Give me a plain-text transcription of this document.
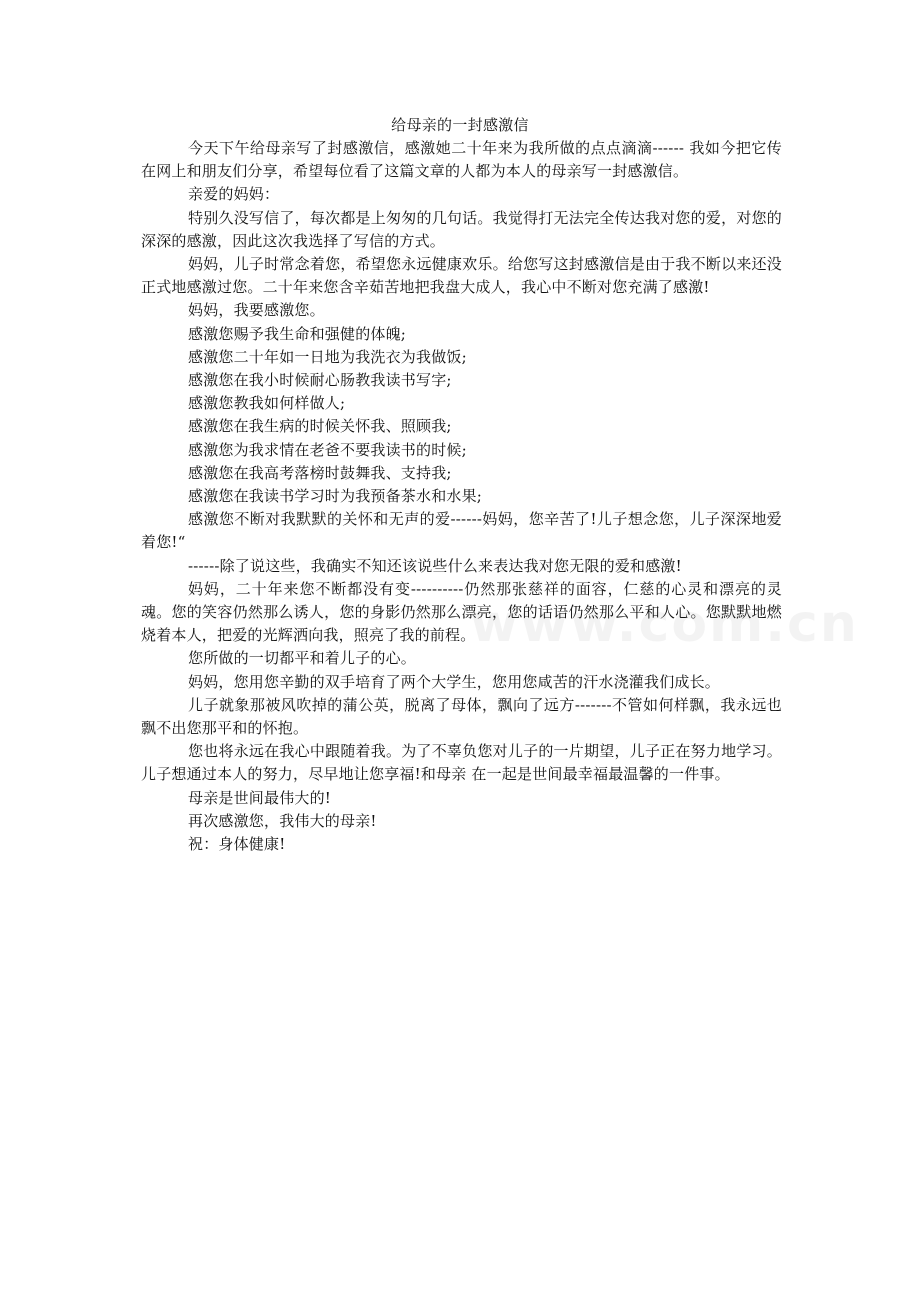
给母亲的一封感激信

今天下午给母亲写了封感激信，感激她二十年来为我所做的点点滴滴------ 我如今把它传在网上和朋友们分享，希望每位看了这篇文章的人都为本人的母亲写一封感激信。

亲爱的妈妈：

特别久没写信了，每次都是上匆匆的几句话。我觉得打无法完全传达我对您的爱，对您的深深的感激，因此这次我选择了写信的方式。

妈妈，儿子时常念着您，希望您永远健康欢乐。给您写这封感激信是由于我不断以来还没正式地感激过您。二十年来您含辛茹苦地把我盘大成人，我心中不断对您充满了感激!

妈妈，我要感激您。

感激您赐予我生命和强健的体魄;

感激您二十年如一日地为我洗衣为我做饭;

感激您在我小时候耐心肠教我读书写字;

感激您教我如何样做人;

感激您在我生病的时候关怀我、照顾我;

感激您为我求情在老爸不要我读书的时候;

感激您在我高考落榜时鼓舞我、支持我;

感激您在我读书学习时为我预备茶水和水果;

感激您不断对我默默的关怀和无声的爱------妈妈，您辛苦了!儿子想念您，儿子深深地爱着您!“

------除了说这些，我确实不知还该说些什么来表达我对您无限的爱和感激!

妈妈，二十年来您不断都没有变----------仍然那张慈祥的面容，仁慈的心灵和漂亮的灵魂。您的笑容仍然那么诱人，您的身影仍然那么漂亮，您的话语仍然那么平和人心。您默默地燃烧着本人，把爱的光辉洒向我，照亮了我的前程。

您所做的一切都平和着儿子的心。

妈妈，您用您辛勤的双手培育了两个大学生，您用您咸苦的汗水浇灌我们成长。

儿子就象那被风吹掉的蒲公英，脱离了母体，飘向了远方-------不管如何样飘，我永远也飘不出您那平和的怀抱。

您也将永远在我心中跟随着我。为了不辜负您对儿子的一片期望，儿子正在努力地学习。儿子想通过本人的努力，尽早地让您享福!和母亲 在一起是世间最幸福最温馨的一件事。

母亲是世间最伟大的!

再次感激您，我伟大的母亲!

祝：身体健康!
